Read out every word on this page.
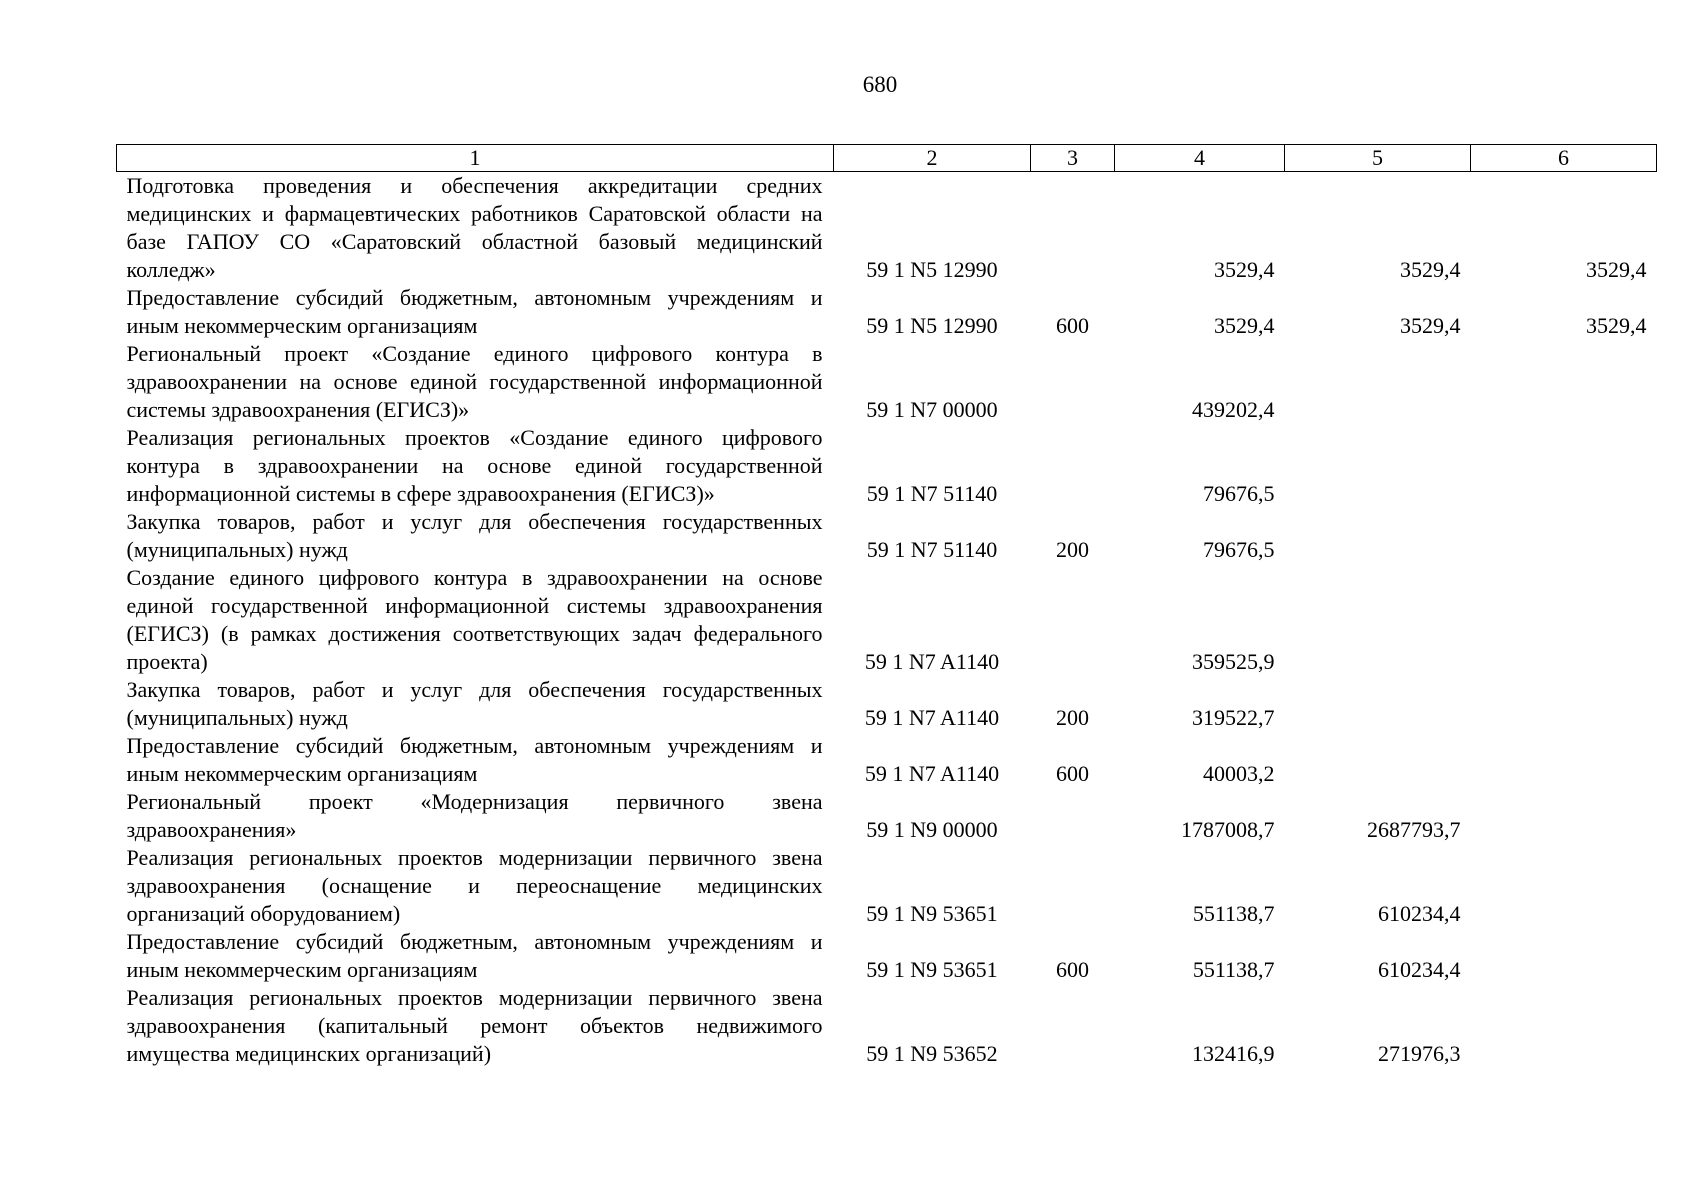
680
1	2	3	4	5	6
Подготовка проведения и обеспечения аккредитации средних медицинских и фармацевтических работников Саратовской области на базе ГАПОУ СО «Саратовский областной базовый медицинский колледж»	59 1 N5 12990		3529,4	3529,4	3529,4
Предоставление субсидий бюджетным, автономным учреждениям и иным некоммерческим организациям	59 1 N5 12990	600	3529,4	3529,4	3529,4
Региональный проект «Создание единого цифрового контура в здравоохранении на основе единой государственной информационной системы здравоохранения (ЕГИСЗ)»	59 1 N7 00000		439202,4		
Реализация региональных проектов «Создание единого цифрового контура в здравоохранении на основе единой государственной информационной системы в сфере здравоохранения (ЕГИСЗ)»	59 1 N7 51140		79676,5		
Закупка товаров, работ и услуг для обеспечения государственных (муниципальных) нужд	59 1 N7 51140	200	79676,5		
Создание единого цифрового контура в здравоохранении на основе единой государственной информационной системы здравоохранения (ЕГИСЗ) (в рамках достижения соответствующих задач федерального проекта)	59 1 N7 A1140		359525,9		
Закупка товаров, работ и услуг для обеспечения государственных (муниципальных) нужд	59 1 N7 A1140	200	319522,7		
Предоставление субсидий бюджетным, автономным учреждениям и иным некоммерческим организациям	59 1 N7 A1140	600	40003,2		
Региональный проект «Модернизация первичного звена здравоохранения»	59 1 N9 00000		1787008,7	2687793,7	
Реализация региональных проектов модернизации первичного звена здравоохранения (оснащение и переоснащение медицинских организаций оборудованием)	59 1 N9 53651		551138,7	610234,4	
Предоставление субсидий бюджетным, автономным учреждениям и иным некоммерческим организациям	59 1 N9 53651	600	551138,7	610234,4	
Реализация региональных проектов модернизации первичного звена здравоохранения (капитальный ремонт объектов недвижимого имущества медицинских организаций)	59 1 N9 53652		132416,9	271976,3	
